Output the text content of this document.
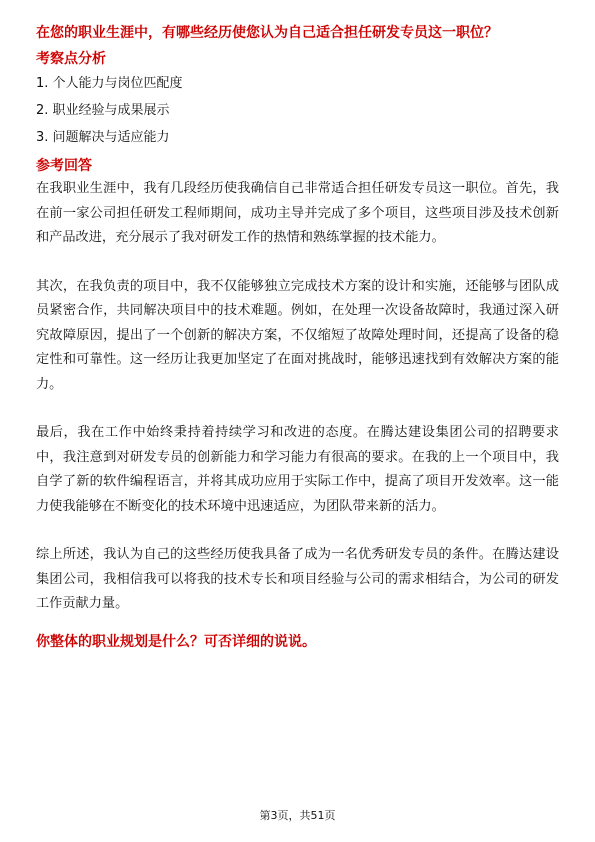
在您的职业生涯中，有哪些经历使您认为自己适合担任研发专员这一职位？

考察点分析

1. 个人能力与岗位匹配度
2. 职业经验与成果展示
3. 问题解决与适应能力

参考回答

在我职业生涯中，我有几段经历使我确信自己非常适合担任研发专员这一职位。首先，我在前一家公司担任研发工程师期间，成功主导并完成了多个项目，这些项目涉及技术创新和产品改进，充分展示了我对研发工作的热情和熟练掌握的技术能力。

其次，在我负责的项目中，我不仅能够独立完成技术方案的设计和实施，还能够与团队成员紧密合作，共同解决项目中的技术难题。例如，在处理一次设备故障时，我通过深入研究故障原因，提出了一个创新的解决方案，不仅缩短了故障处理时间，还提高了设备的稳定性和可靠性。这一经历让我更加坚定了在面对挑战时，能够迅速找到有效解决方案的能力。

最后，我在工作中始终秉持着持续学习和改进的态度。在腾达建设集团公司的招聘要求中，我注意到对研发专员的创新能力和学习能力有很高的要求。在我的上一个项目中，我自学了新的软件编程语言，并将其成功应用于实际工作中，提高了项目开发效率。这一能力使我能够在不断变化的技术环境中迅速适应，为团队带来新的活力。

综上所述，我认为自己的这些经历使我具备了成为一名优秀研发专员的条件。在腾达建设集团公司，我相信我可以将我的技术专长和项目经验与公司的需求相结合，为公司的研发工作贡献力量。

你整体的职业规划是什么？可否详细的说说。

第3页，共51页
